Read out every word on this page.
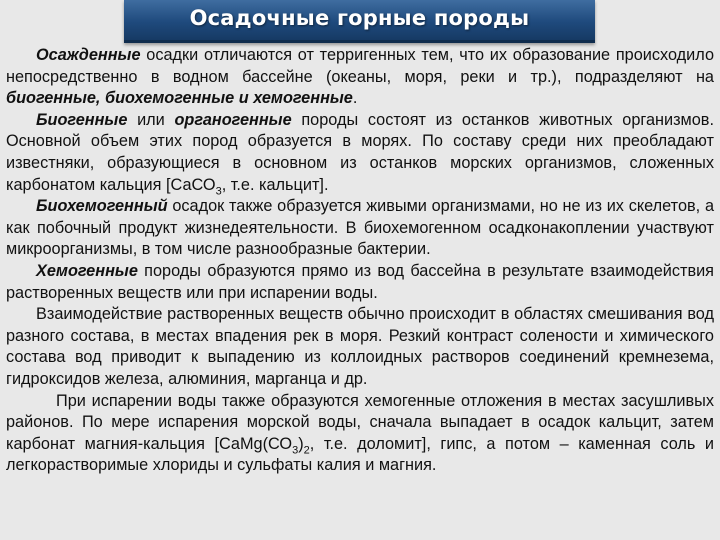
Осадочные горные породы

Осажденные осадки отличаются от терригенных тем, что их образование происходило непосредственно в водном бассейне (океаны, моря, реки и тр.), подразделяют на биогенные, биохемогенные и хемогенные.

Биогенные или органогенные породы состоят из останков животных организмов. Основной объем этих пород образуется в морях. По составу среди них преобладают известняки, образующиеся в основном из останков морских организмов, сложенных карбонатом кальция [СаСО$_3$, т.е. кальцит].

Биохемогенный осадок также образуется живыми организмами, но не из их скелетов, а как побочный продукт жизнедеятельности. В биохемогенном осадконакоплении участвуют микроорганизмы, в том числе разнообразные бактерии.

Хемогенные породы образуются прямо из вод бассейна в результате взаимодействия растворенных веществ или при испарении воды.

Взаимодействие растворенных веществ обычно происходит в областях смешивания вод разного состава, в местах впадения рек в моря. Резкий контраст солености и химического состава вод приводит к выпадению из коллоидных растворов соединений кремнезема, гидроксидов железа, алюминия, марганца и др.

При испарении воды также образуются хемогенные отложения в местах засушливых районов. По мере испарения морской воды, сначала выпадает в осадок кальцит, затем карбонат магния-кальция [$СаМg(СО_3)_2$, т.е. доломит], гипс, а потом – каменная соль и легкорастворимые хлориды и сульфаты калия и магния.
